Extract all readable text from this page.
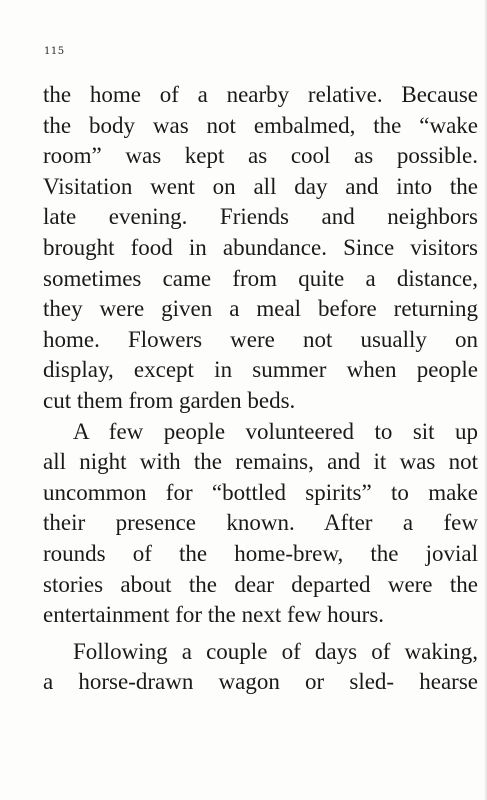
115
the home of a nearby relative. Because
the body was not embalmed, the “wake
room” was kept as cool as possible.
Visitation went on all day and into the
late evening. Friends and neighbors
brought food in abundance. Since visitors
sometimes came from quite a distance,
they were given a meal before returning
home. Flowers were not usually on
display, except in summer when people
cut them from garden beds.
A few people volunteered to sit up
all night with the remains, and it was not
uncommon for “bottled spirits” to make
their presence known. After a few
rounds of the home-brew, the jovial
stories about the dear departed were the
entertainment for the next few hours.
Following a couple of days of waking,
a horse-drawn wagon or sled- hearse
